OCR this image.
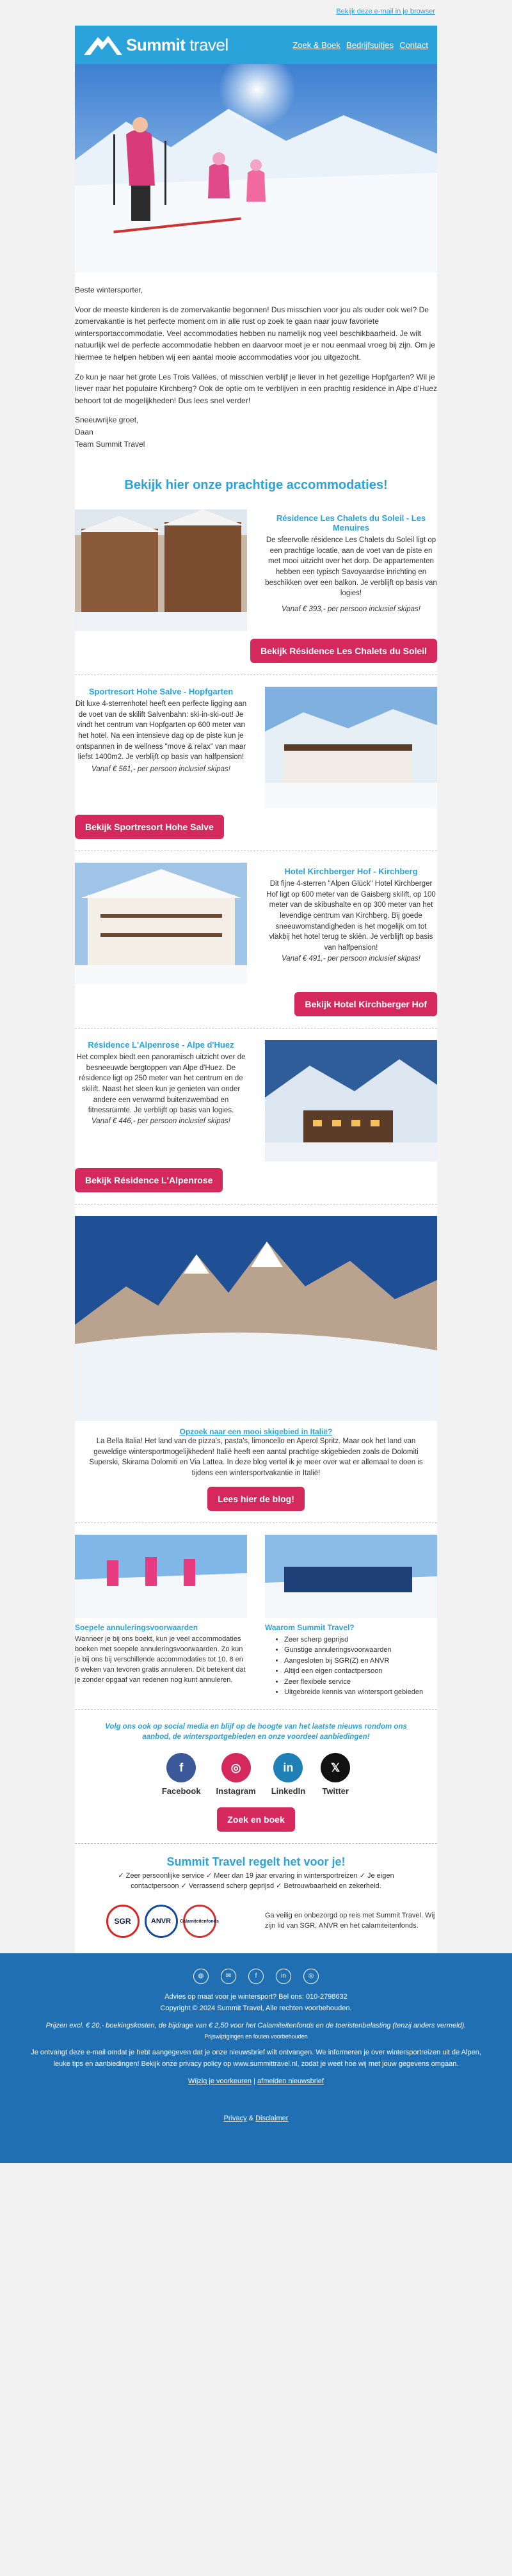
Bekijk deze e-mail in je browser
Summit travel	Zoek & Boek Bedrijfsuitjes Contact

Beste wintersporter,

Voor de meeste kinderen is de zomervakantie begonnen! Dus misschien voor jou als ouder ook wel? De zomervakantie is het perfecte moment om in alle rust op zoek te gaan naar jouw favoriete wintersportaccommodatie. Veel accommodaties hebben nu namelijk nog veel beschikbaarheid. Je wilt natuurlijk wel de perfecte accommodatie hebben en daarvoor moet je er nou eenmaal vroeg bij zijn. Om je hiermee te helpen hebben wij een aantal mooie accommodaties voor jou uitgezocht.

Zo kun je naar het grote Les Trois Vallées, of misschien verblijf je liever in het gezellige Hopfgarten? Wil je liever naar het populaire Kirchberg? Ook de optie om te verblijven in een prachtig residence in Alpe d'Huez behoort tot de mogelijkheden! Dus lees snel verder!

Sneeuwrijke groet,
Daan
Team Summit Travel

Bekijk hier onze prachtige accommodaties!
Résidence Les Chalets du Soleil - Les Menuires
De sfeervolle résidence Les Chalets du Soleil ligt op een prachtige locatie, aan de voet van de piste en met mooi uitzicht over het dorp. De appartementen hebben een typisch Savoyaardse inrichting en beschikken over een balkon. Je verblijft op basis van logies!
Vanaf € 393,- per persoon inclusief skipas!
Bekijk Résidence Les Chalets du Soleil
Sportresort Hohe Salve - Hopfgarten
Dit luxe 4-sterrenhotel heeft een perfecte ligging aan de voet van de skilift Salvenbahn: ski-in-ski-out! Je vindt het centrum van Hopfgarten op 600 meter van het hotel. Na een intensieve dag op de piste kun je ontspannen in de wellness "move & relax" van maar liefst 1400m2. Je verblijft op basis van halfpension!
Vanaf € 561,- per persoon inclusief skipas!
Bekijk Sportresort Hohe Salve
Hotel Kirchberger Hof - Kirchberg
Dit fijne 4-sterren "Alpen Glück" Hotel Kirchberger Hof ligt op 600 meter van de Gaisberg skilift, op 100 meter van de skibushalte en op 300 meter van het levendige centrum van Kirchberg. Bij goede sneeuwomstandigheden is het mogelijk om tot vlakbij het hotel terug te skiën. Je verblijft op basis van halfpension!
Vanaf € 491,- per persoon inclusief skipas!
Bekijk Hotel Kirchberger Hof
Résidence L'Alpenrose - Alpe d'Huez
Het complex biedt een panoramisch uitzicht over de besneeuwde bergtoppen van Alpe d'Huez. De résidence ligt op 250 meter van het centrum en de skilift. Naast het sleen kun je genieten van onder andere een verwarmd buitenzwembad en fitnessruimte. Je verblijft op basis van logies.
Vanaf € 446,- per persoon inclusief skipas!
Bekijk Résidence L'Alpenrose
Opzoek naar een mooi skigebied in Italië?
La Bella Italia! Het land van de pizza's, pasta's, limoncello en Aperol Spritz. Maar ook het land van geweldige wintersportmogelijkheden! Italië heeft een aantal prachtige skigebieden zoals de Dolomiti Superski, Skirama Dolomiti en Via Lattea. In deze blog vertel ik je meer over wat er allemaal te doen is tijdens een wintersportvakantie in Italië!
Lees hier de blog!
Soepele annuleringsvoorwaarden
Wanneer je bij ons boekt, kun je veel accommodaties boeken met soepele annuleringsvoorwaarden. Zo kun je bij ons bij verschillende accommodaties tot 10, 8 en 6 weken van tevoren gratis annuleren. Dit betekent dat je zonder opgaaf van redenen nog kunt annuleren.
Waarom Summit Travel?
• Zeer scherp geprijsd
• Gunstige annuleringsvoorwaarden
• Aangesloten bij SGR(Z) en ANVR
• Altijd een eigen contactpersoon
• Zeer flexibele service
• Uitgebreide kennis van wintersport gebieden
Volg ons ook op social media en blijf op de hoogte van het laatste nieuws rondom ons aanbod, de wintersportgebieden en onze voordeel aanbiedingen!
f
Facebook
◎
Instagram
in
LinkedIn
𝕏
Twitter
Zoek en boek
Summit Travel regelt het voor je!
✓ Zeer persoonlijke service ✓ Meer dan 19 jaar ervaring in wintersportreizen ✓ Je eigen contactpersoon ✓ Verrassend scherp geprijsd ✓ Betrouwbaarheid en zekerheid.
SGR	ANVR	Calamiteitenfonds
Ga veilig en onbezorgd op reis met Summit Travel. Wij zijn lid van SGR, ANVR en het calamiteitenfonds.
◍	✉	f	in	◎
Advies op maat voor je wintersport? Bel ons: 010-2798632
Copyright © 2024 Summit Travel, Alle rechten voorbehouden.
Prijzen excl. € 20,- boekingskosten, de bijdrage van € 2,50 voor het Calamiteitenfonds en de toeristenbelasting (tenzij anders vermeld).
Prijswijzigingen en fouten voorbehouden
Je ontvangt deze e-mail omdat je hebt aangegeven dat je onze nieuwsbrief wilt ontvangen. We informeren je over wintersportreizen uit de Alpen, leuke tips en aanbiedingen! Bekijk onze privacy policy op www.summittravel.nl, zodat je weet hoe wij met jouw gegevens omgaan.
Wijzig je voorkeuren | afmelden nieuwsbrief
Privacy & Disclaimer
